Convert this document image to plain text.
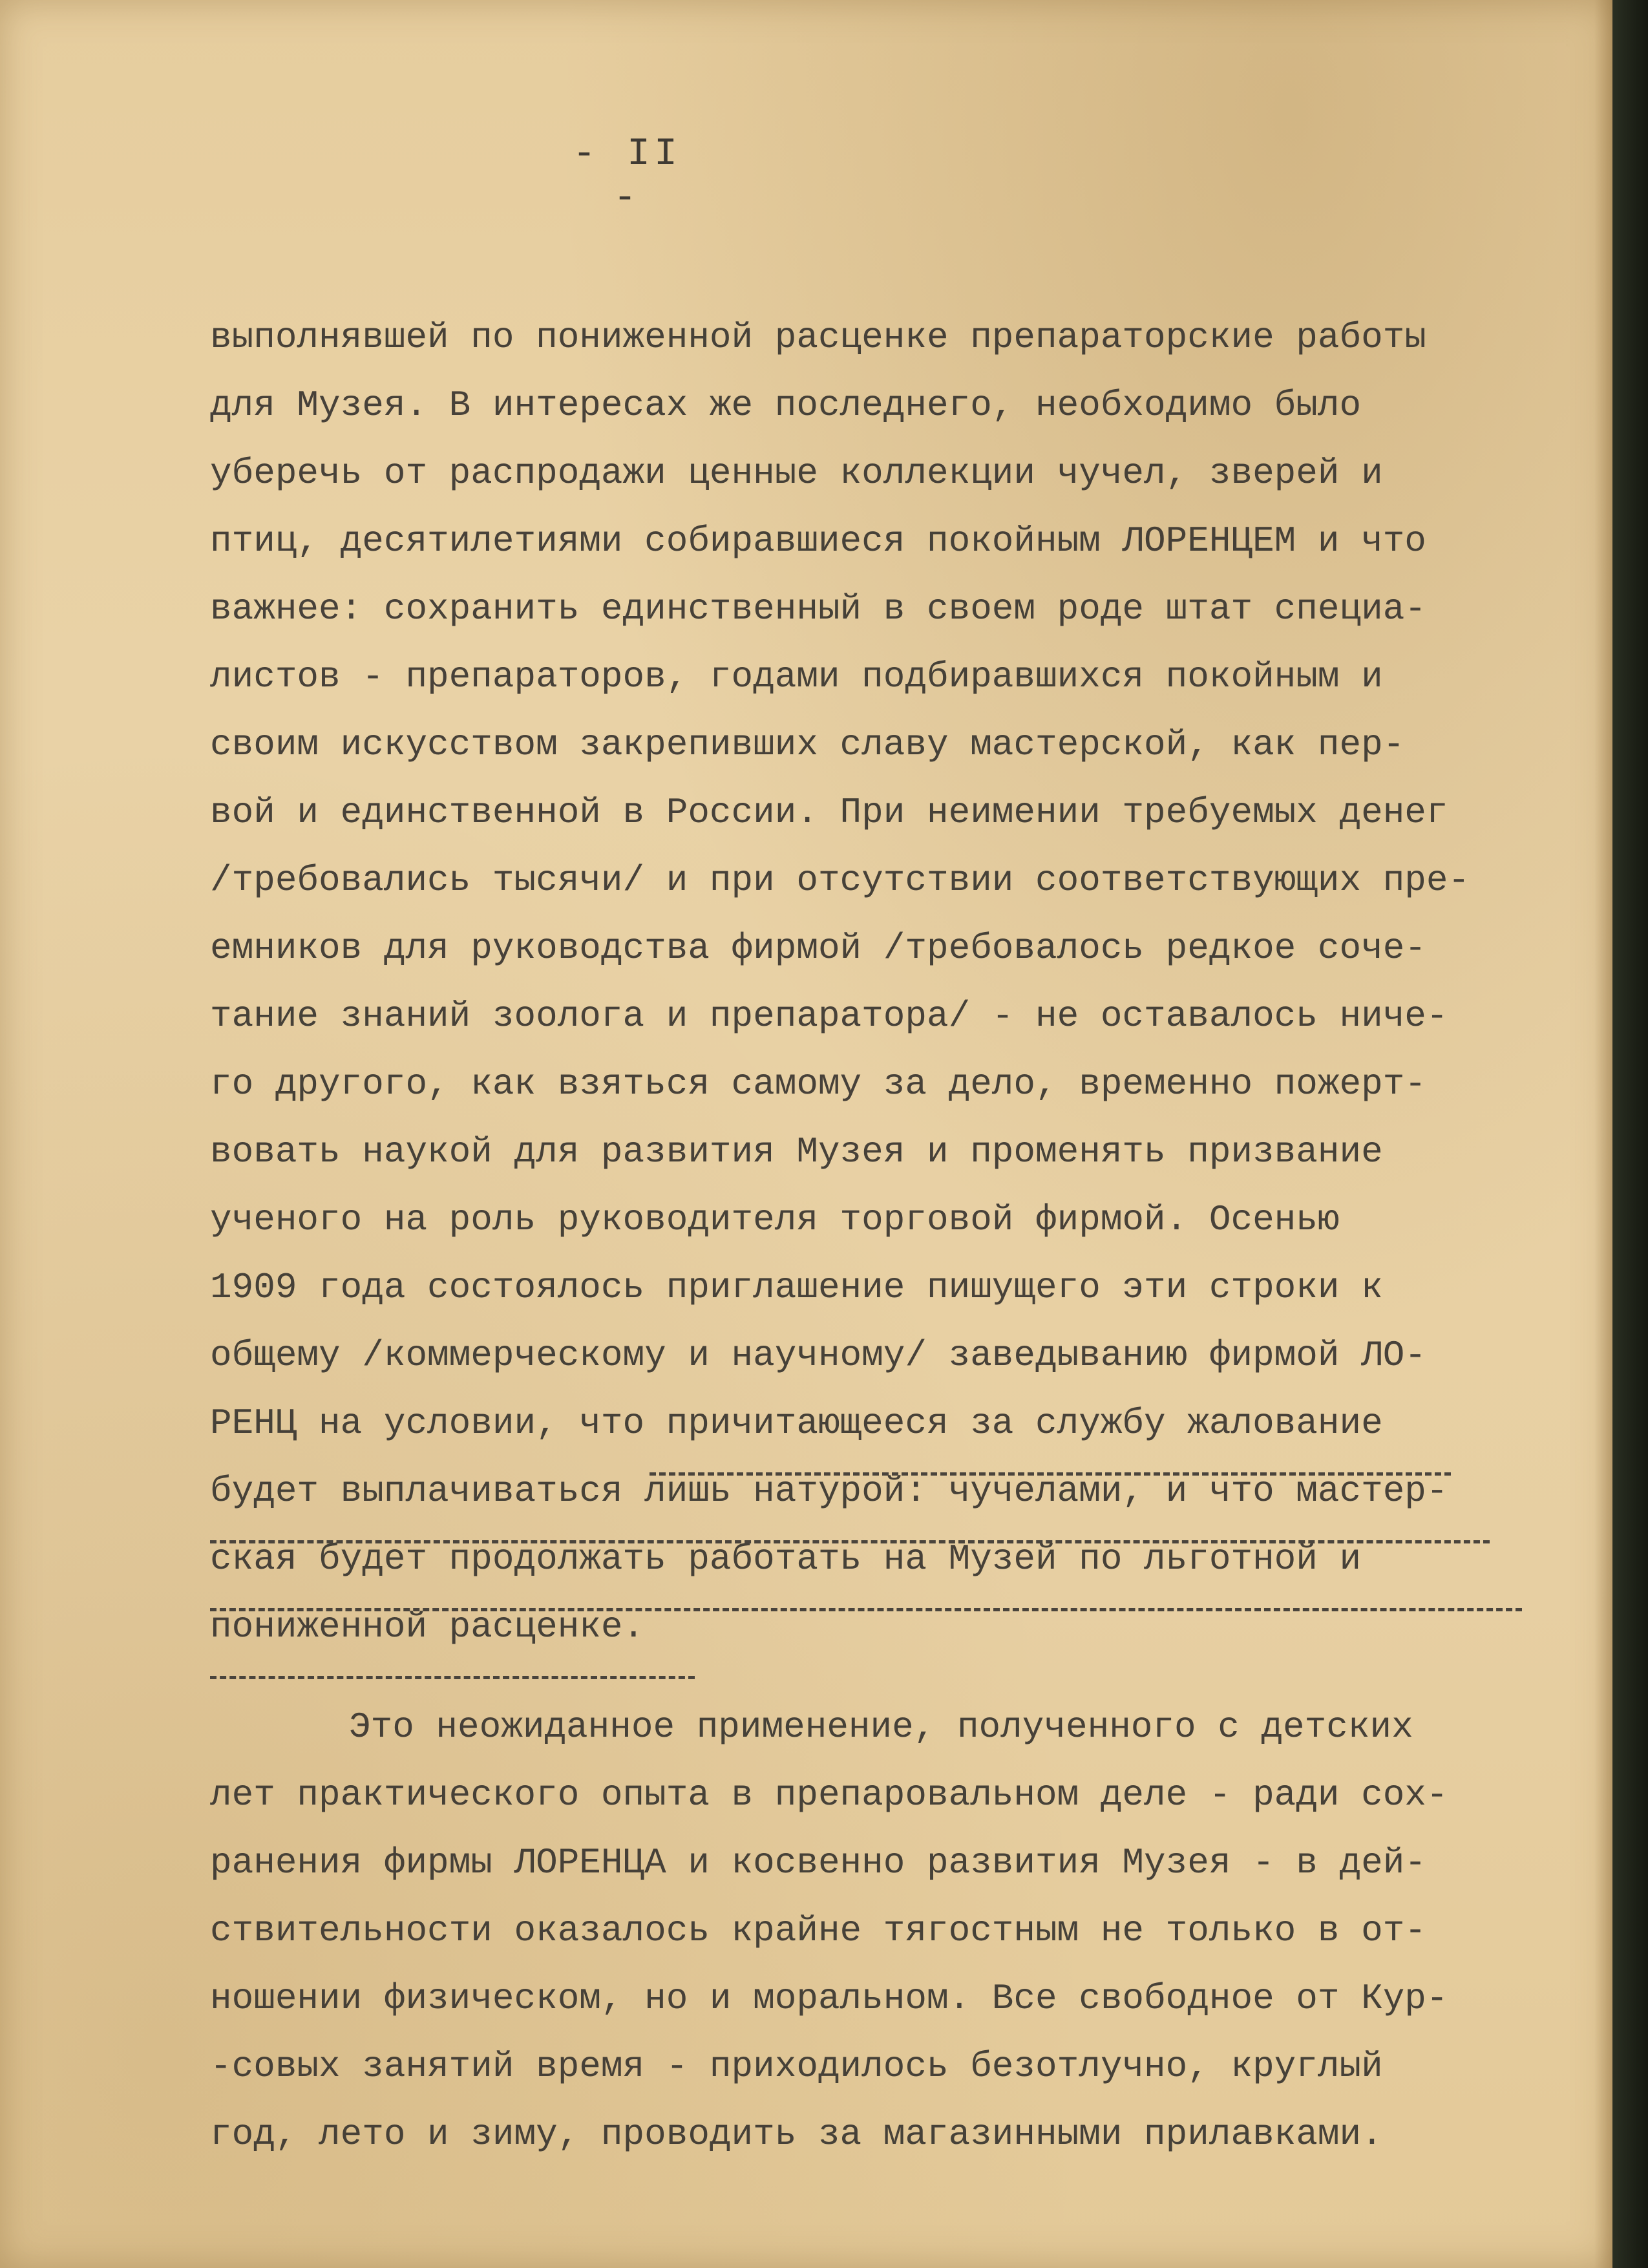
- II -
выполнявшей по пониженной расценке препараторские работы
для Музея. В интересах же последнего, необходимо было
уберечь от распродажи ценные коллекции чучел, зверей и
птиц, десятилетиями собиравшиеся покойным ЛОРЕНЦЕМ и что
важнее: сохранить единственный в своем роде штат специа-
листов - препараторов, годами подбиравшихся покойным и
своим искусством закрепивших славу мастерской, как пер-
вой и единственной в России. При неимении требуемых денег
/требовались тысячи/ и при отсутствии соответствующих пре-
емников для руководства фирмой /требовалось редкое соче-
тание знаний зоолога и препаратора/ - не оставалось ниче-
го другого, как взяться самому за дело, временно пожерт-
вовать наукой для развития Музея и променять призвание
ученого на роль руководителя торговой фирмой. Осенью
1909 года состоялось приглашение пишущего эти строки к
общему /коммерческому и научному/ заведыванию фирмой ЛО-
РЕНЦ на условии, что причитающееся за службу жалование
будет выплачиваться лишь натурой: чучелами, и что мастер-
ская будет продолжать работать на Музей по льготной и
пониженной расценке.
Это неожиданное применение, полученного с детских
лет практического опыта в препаровальном деле - ради сох-
ранения фирмы ЛОРЕНЦА и косвенно развития Музея - в дей-
ствительности оказалось крайне тягостным не только в от-
ношении физическом, но и моральном. Все свободное от Кур-
-совых занятий время - приходилось безотлучно, круглый
год, лето и зиму, проводить за магазинными прилавками.
